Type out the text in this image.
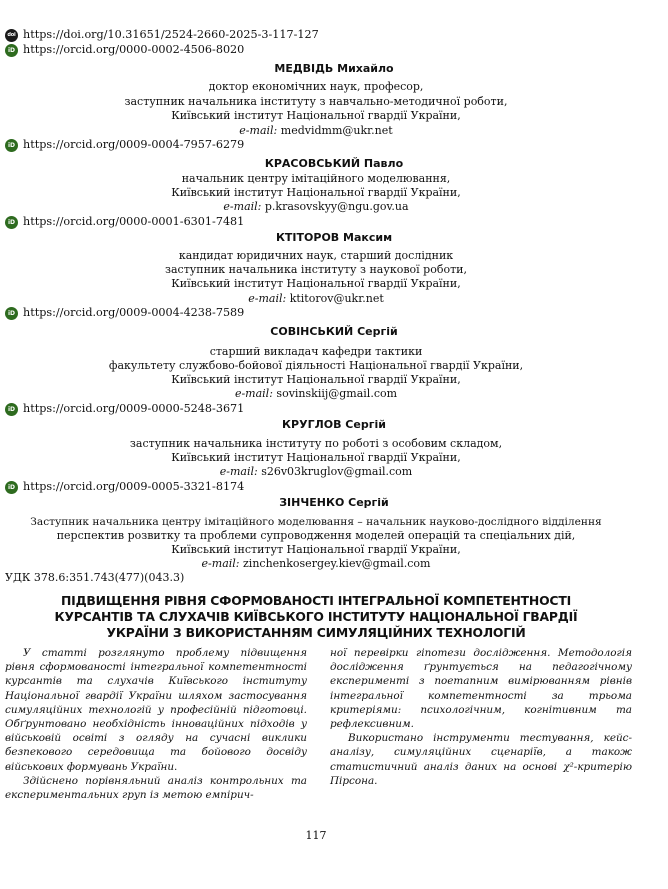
doi https://doi.org/10.31651/2524-2660-2025-3-117-127
iD https://orcid.org/0000-0002-4506-8020
МЕДВІДЬ Михайло
доктор економічних наук, професор,
заступник начальника інституту з навчально-методичної роботи,
Київський інститут Національної гвардії України,
e-mail: medvidmm@ukr.net
iD https://orcid.org/0009-0004-7957-6279
КРАСОВСЬКИЙ Павло
начальник центру імітаційного моделювання,
Київський інститут Національної гвардії України,
e-mail: p.krasovskyy@ngu.gov.ua
iD https://orcid.org/0000-0001-6301-7481
КТІТОРОВ Максим
кандидат юридичних наук, старший дослідник
заступник начальника інституту з наукової роботи,
Київський інститут Національної гвардії України,
e-mail: ktitorov@ukr.net
iD https://orcid.org/0009-0004-4238-7589
СОВІНСЬКИЙ Сергій
старший викладач кафедри тактики
факультету службово-бойової діяльності Національної гвардії України,
Київський інститут Національної гвардії України,
e-mail: sovinskiij@gmail.com
iD https://orcid.org/0009-0000-5248-3671
КРУГЛОВ Сергій
заступник начальника інституту по роботі з особовим складом,
Київський інститут Національної гвардії України,
e-mail: s26v03kruglov@gmail.com
iD https://orcid.org/0009-0005-3321-8174
ЗІНЧЕНКО Сергій
Заступник начальника центру імітаційного моделювання – начальник науково-дослідного відділення
перспектив розвитку та проблеми супроводження моделей операцій та спеціальних дій,
Київський інститут Національної гвардії України,
e-mail: zinchenkosergey.kiev@gmail.com
УДК 378.6:351.743(477)(043.3)
ПІДВИЩЕННЯ РІВНЯ СФОРМОВАНОСТІ ІНТЕГРАЛЬНОЇ КОМПЕТЕНТНОСТІ
КУРСАНТІВ ТА СЛУХАЧІВ КИЇВСЬКОГО ІНСТИТУТУ НАЦІОНАЛЬНОЇ ГВАРДІЇ
УКРАЇНИ З ВИКОРИСТАННЯМ СИМУЛЯЦІЙНИХ ТЕХНОЛОГІЙ

У статті розглянуто проблему підвищення рівня сформованості інтегральної компетентності курсантів та слухачів Київського інституту Національної гвардії України шляхом застосування симуляційних технологій у професійній підготовці. Обґрунтовано необхідність інноваційних підходів у військовій освіті з огляду на сучасні виклики безпекового середовища та бойового досвіду військових формувань України.

Здійснено порівняльний аналіз контрольних та експериментальних груп із метою емпірич-

ної перевірки гіпотези дослідження. Методологія дослідження ґрунтується на педагогічному експерименті з поетапним вимірюванням рівнів інтегральної компетентності за трьома критеріями: психологічним, когнітивним та рефлексивним.

Використано інструменти тестування, кейс-аналізу, симуляційних сценаріїв, а також статистичний аналіз даних на основі χ²-критерію Пірсона.

117
